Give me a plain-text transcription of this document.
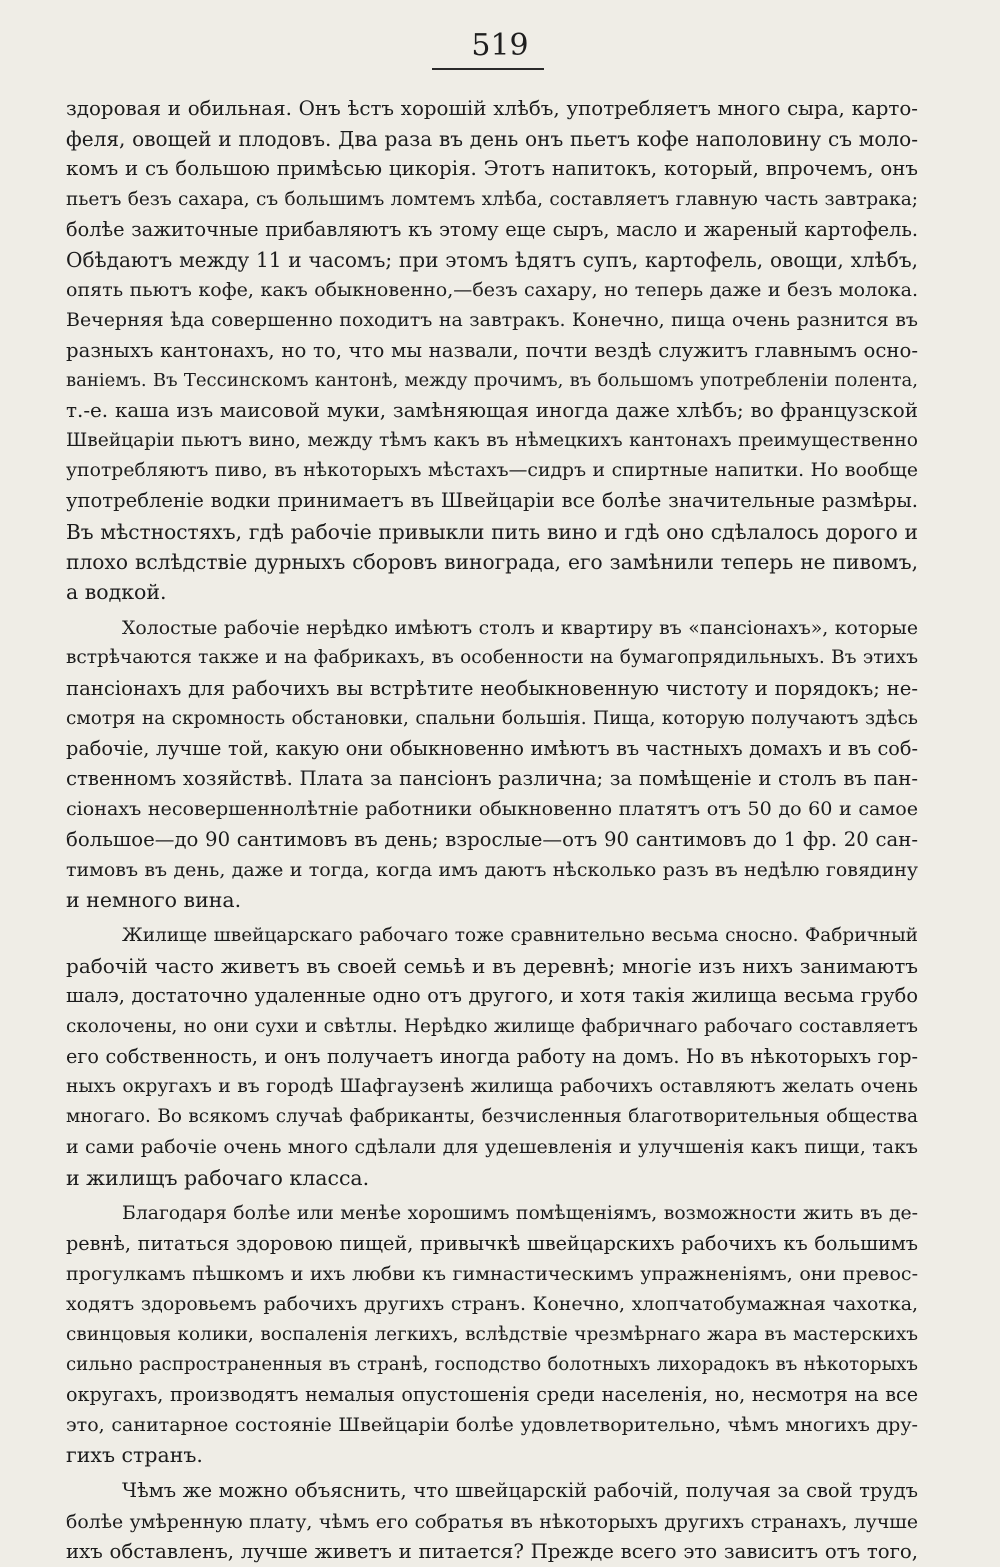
519
здоровая и обильная. Онъ ѣстъ хорошій хлѣбъ, употребляетъ много сыра, карто-
феля, овощей и плодовъ. Два раза въ день онъ пьетъ кофе наполовину съ моло-
комъ и съ большою примѣсью цикорія. Этотъ напитокъ, который, впрочемъ, онъ
пьетъ безъ сахара, съ большимъ ломтемъ хлѣба, составляетъ главную часть завтрака;
болѣе зажиточные прибавляютъ къ этому еще сыръ, масло и жареный картофель.
Обѣдаютъ между 11 и часомъ; при этомъ ѣдятъ супъ, картофель, овощи, хлѣбъ,
опять пьютъ кофе, какъ обыкновенно,—безъ сахару, но теперь даже и безъ молока.
Вечерняя ѣда совершенно походитъ на завтракъ. Конечно, пища очень разнится въ
разныхъ кантонахъ, но то, что мы назвали, почти вездѣ служитъ главнымъ осно-
ваніемъ. Въ Тессинскомъ кантонѣ, между прочимъ, въ большомъ употребленіи полента,
т.-е. каша изъ маисовой муки, замѣняющая иногда даже хлѣбъ; во французской
Швейцаріи пьютъ вино, между тѣмъ какъ въ нѣмецкихъ кантонахъ преимущественно
употребляютъ пиво, въ нѣкоторыхъ мѣстахъ—сидръ и спиртные напитки. Но вообще
употребленіе водки принимаетъ въ Швейцаріи все болѣе значительные размѣры.
Въ мѣстностяхъ, гдѣ рабочіе привыкли пить вино и гдѣ оно сдѣлалось дорого и
плохо вслѣдствіе дурныхъ сборовъ винограда, его замѣнили теперь не пивомъ,
а водкой.
Холостые рабочіе нерѣдко имѣютъ столъ и квартиру въ «пансіонахъ», которые
встрѣчаются также и на фабрикахъ, въ особенности на бумагопрядильныхъ. Въ этихъ
пансіонахъ для рабочихъ вы встрѣтите необыкновенную чистоту и порядокъ; не-
смотря на скромность обстановки, спальни большія. Пища, которую получаютъ здѣсь
рабочіе, лучше той, какую они обыкновенно имѣютъ въ частныхъ домахъ и въ соб-
ственномъ хозяйствѣ. Плата за пансіонъ различна; за помѣщеніе и столъ въ пан-
сіонахъ несовершеннолѣтніе работники обыкновенно платятъ отъ 50 до 60 и самое
большое—до 90 сантимовъ въ день; взрослые—отъ 90 сантимовъ до 1 фр. 20 сан-
тимовъ въ день, даже и тогда, когда имъ даютъ нѣсколько разъ въ недѣлю говядину
и немного вина.
Жилище швейцарскаго рабочаго тоже сравнительно весьма сносно. Фабричный
рабочій часто живетъ въ своей семьѣ и въ деревнѣ; многіе изъ нихъ занимаютъ
шалэ, достаточно удаленные одно отъ другого, и хотя такія жилища весьма грубо
сколочены, но они сухи и свѣтлы. Нерѣдко жилище фабричнаго рабочаго составляетъ
его собственность, и онъ получаетъ иногда работу на домъ. Но въ нѣкоторыхъ гор-
ныхъ округахъ и въ городѣ Шафгаузенѣ жилища рабочихъ оставляютъ желать очень
многаго. Во всякомъ случаѣ фабриканты, безчисленныя благотворительныя общества
и сами рабочіе очень много сдѣлали для удешевленія и улучшенія какъ пищи, такъ
и жилищъ рабочаго класса.
Благодаря болѣе или менѣе хорошимъ помѣщеніямъ, возможности жить въ де-
ревнѣ, питаться здоровою пищей, привычкѣ швейцарскихъ рабочихъ къ большимъ
прогулкамъ пѣшкомъ и ихъ любви къ гимнастическимъ упражненіямъ, они превос-
ходятъ здоровьемъ рабочихъ другихъ странъ. Конечно, хлопчатобумажная чахотка,
свинцовыя колики, воспаленія легкихъ, вслѣдствіе чрезмѣрнаго жара въ мастерскихъ
сильно распространенныя въ странѣ, господство болотныхъ лихорадокъ въ нѣкоторыхъ
округахъ, производятъ немалыя опустошенія среди населенія, но, несмотря на все
это, санитарное состояніе Швейцаріи болѣе удовлетворительно, чѣмъ многихъ дру-
гихъ странъ.
Чѣмъ же можно объяснить, что швейцарскій рабочій, получая за свой трудъ
болѣе умѣренную плату, чѣмъ его собратья въ нѣкоторыхъ другихъ странахъ, лучше
ихъ обставленъ, лучше живетъ и питается? Прежде всего это зависитъ отъ того,
